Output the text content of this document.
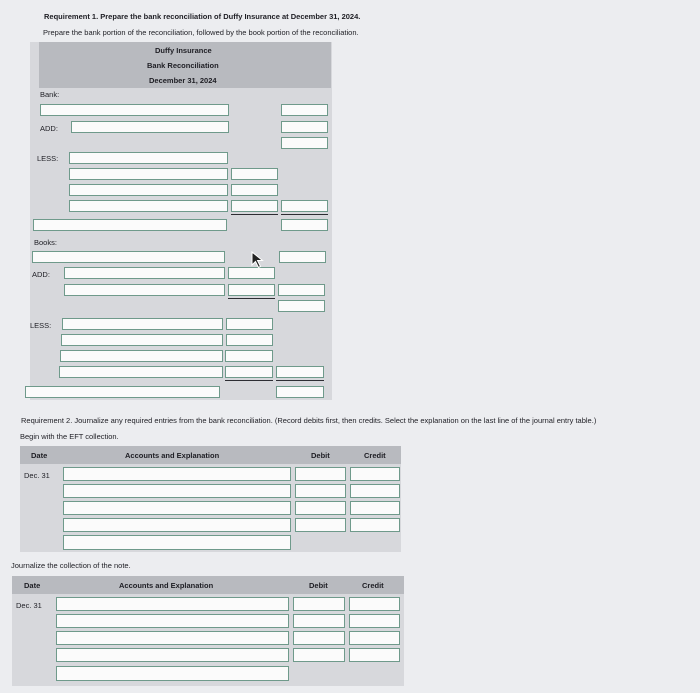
Requirement 1. Prepare the bank reconciliation of Duffy Insurance at December 31, 2024.
Prepare the bank portion of the reconciliation, followed by the book portion of the reconciliation.
Duffy Insurance
Bank Reconciliation
December 31, 2024
Bank:
ADD:
LESS:
Books:
ADD:
LESS:
Requirement 2. Journalize any required entries from the bank reconciliation. (Record debits first, then credits. Select the explanation on the last line of the journal entry table.)
Begin with the EFT collection.
Date	Accounts and Explanation	Debit	Credit
Dec. 31
Journalize the collection of the note.
Date	Accounts and Explanation	Debit	Credit
Dec. 31
